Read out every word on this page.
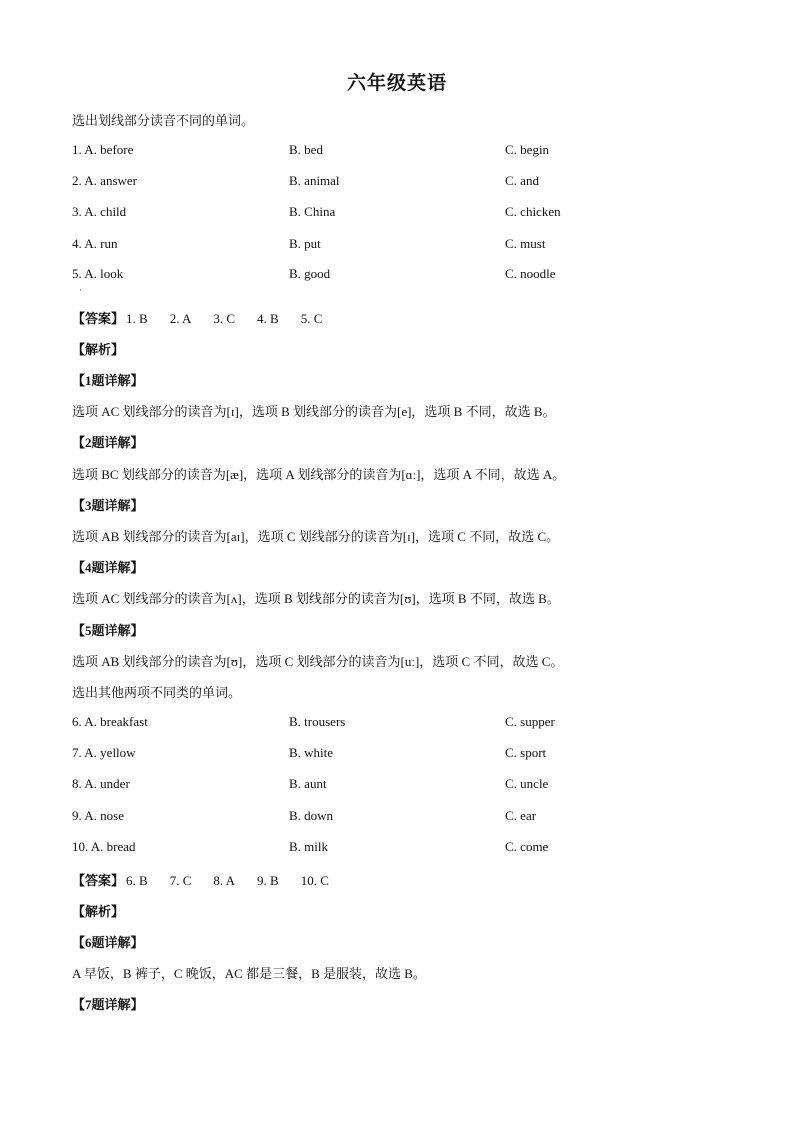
六年级英语
选出划线部分读音不同的单词。
1. A. before	B. bed	C. begin
2. A. answer	B. animal	C. and
3. A. child	B. China	C. chicken
4. A. run	B. put	C. must
5. A. look	B. good	C. noodle
·
【答案】 1. B 2. A 3. C 4. B 5. C
【解析】
【1题详解】
选项 AC 划线部分的读音为[ɪ]，选项 B 划线部分的读音为[e]，选项 B 不同，故选 B。
【2题详解】
选项 BC 划线部分的读音为[æ]，选项 A 划线部分的读音为[ɑː]，选项 A 不同，故选 A。
【3题详解】
选项 AB 划线部分的读音为[aɪ]，选项 C 划线部分的读音为[ɪ]，选项 C 不同，故选 C。
【4题详解】
选项 AC 划线部分的读音为[ʌ]，选项 B 划线部分的读音为[ʊ]，选项 B 不同，故选 B。
【5题详解】
选项 AB 划线部分的读音为[ʊ]，选项 C 划线部分的读音为[uː]，选项 C 不同，故选 C。
选出其他两项不同类的单词。
6. A. breakfast	B. trousers	C. supper
7. A. yellow	B. white	C. sport
8. A. under	B. aunt	C. uncle
9. A. nose	B. down	C. ear
10. A. bread	B. milk	C. come
【答案】 6. B 7. C 8. A 9. B 10. C
【解析】
【6题详解】
A 早饭，B 裤子，C 晚饭，AC 都是三餐，B 是服装，故选 B。
【7题详解】
